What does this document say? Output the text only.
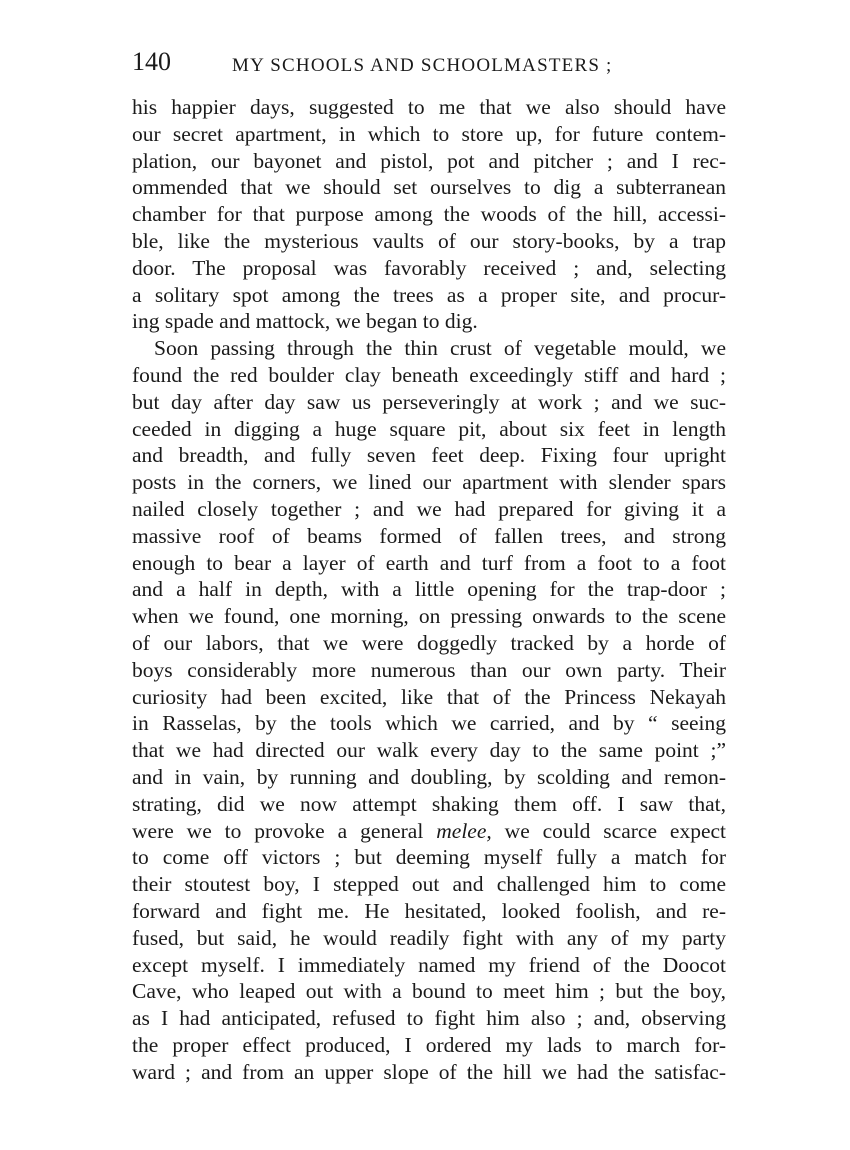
140	MY SCHOOLS AND SCHOOLMASTERS ;
his happier days, suggested to me that we also should have
our secret apartment, in which to store up, for future contem-
plation, our bayonet and pistol, pot and pitcher ; and I rec-
ommended that we should set ourselves to dig a subterranean
chamber for that purpose among the woods of the hill, accessi-
ble, like the mysterious vaults of our story-books, by a trap
door. The proposal was favorably received ; and, selecting
a solitary spot among the trees as a proper site, and procur-
ing spade and mattock, we began to dig.
Soon passing through the thin crust of vegetable mould, we
found the red boulder clay beneath exceedingly stiff and hard ;
but day after day saw us perseveringly at work ; and we suc-
ceeded in digging a huge square pit, about six feet in length
and breadth, and fully seven feet deep. Fixing four upright
posts in the corners, we lined our apartment with slender spars
nailed closely together ; and we had prepared for giving it a
massive roof of beams formed of fallen trees, and strong
enough to bear a layer of earth and turf from a foot to a foot
and a half in depth, with a little opening for the trap-door ;
when we found, one morning, on pressing onwards to the scene
of our labors, that we were doggedly tracked by a horde of
boys considerably more numerous than our own party. Their
curiosity had been excited, like that of the Princess Nekayah
in Rasselas, by the tools which we carried, and by “ seeing
that we had directed our walk every day to the same point ;”
and in vain, by running and doubling, by scolding and remon-
strating, did we now attempt shaking them off. I saw that,
were we to provoke a general melee, we could scarce expect
to come off victors ; but deeming myself fully a match for
their stoutest boy, I stepped out and challenged him to come
forward and fight me. He hesitated, looked foolish, and re-
fused, but said, he would readily fight with any of my party
except myself. I immediately named my friend of the Doocot
Cave, who leaped out with a bound to meet him ; but the boy,
as I had anticipated, refused to fight him also ; and, observing
the proper effect produced, I ordered my lads to march for-
ward ; and from an upper slope of the hill we had the satisfac-
